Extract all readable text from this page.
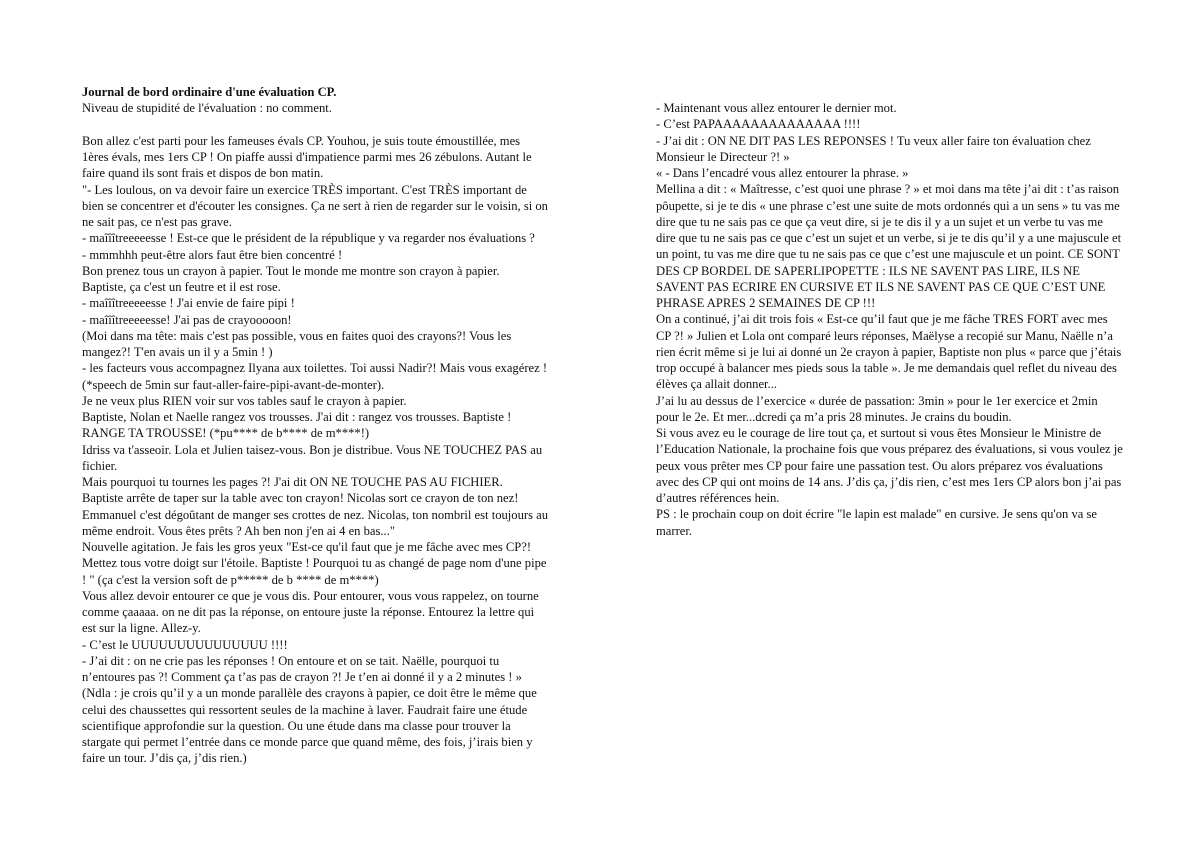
Journal de bord ordinaire d'une évaluation CP.

Niveau de stupidité de l'évaluation : no comment.

Bon allez c'est parti pour les fameuses évals CP. Youhou, je suis toute émoustillée, mes

1ères évals, mes 1ers CP ! On piaffe aussi d'impatience parmi mes 26 zébulons. Autant le

faire quand ils sont frais et dispos de bon matin.

"- Les loulous, on va devoir faire un exercice TRÈS important. C'est TRÈS important de

bien se concentrer et d'écouter les consignes. Ça ne sert à rien de regarder sur le voisin, si on

ne sait pas, ce n'est pas grave.

- maîîîtreeeeesse ! Est-ce que le président de la république y va regarder nos évaluations ?

- mmmhhh peut-être alors faut être bien concentré !

Bon prenez tous un crayon à papier. Tout le monde me montre son crayon à papier.

Baptiste, ça c'est un feutre et il est rose.

- maîîîtreeeeesse ! J'ai envie de faire pipi !

- maîîîtreeeeesse! J'ai pas de crayooooon!

(Moi dans ma tête: mais c'est pas possible, vous en faites quoi des crayons?! Vous les

mangez?! T'en avais un il y a 5min ! )

- les facteurs vous accompagnez Ilyana aux toilettes. Toi aussi Nadir?! Mais vous exagérez !

(*speech de 5min sur faut-aller-faire-pipi-avant-de-monter).

Je ne veux plus RIEN voir sur vos tables sauf le crayon à papier.

Baptiste, Nolan et Naelle rangez vos trousses. J'ai dit : rangez vos trousses. Baptiste !

RANGE TA TROUSSE! (*pu**** de b**** de m****!)

Idriss va t'asseoir. Lola et Julien taisez-vous. Bon je distribue. Vous NE TOUCHEZ PAS au

fichier.

Mais pourquoi tu tournes les pages ?! J'ai dit ON NE TOUCHE PAS AU FICHIER.

Baptiste arrête de taper sur la table avec ton crayon! Nicolas sort ce crayon de ton nez!

Emmanuel c'est dégoûtant de manger ses crottes de nez. Nicolas, ton nombril est toujours au

même endroit. Vous êtes prêts ? Ah ben non j'en ai 4 en bas..."

Nouvelle agitation. Je fais les gros yeux "Est-ce qu'il faut que je me fâche avec mes CP?!

Mettez tous votre doigt sur l'étoile. Baptiste ! Pourquoi tu as changé de page nom d'une pipe

! " (ça c'est la version soft de p***** de b **** de m****)

Vous allez devoir entourer ce que je vous dis. Pour entourer, vous vous rappelez, on tourne

comme çaaaaa. on ne dit pas la réponse, on entoure juste la réponse. Entourez la lettre qui

est sur la ligne. Allez-y.

- C’est le UUUUUUUUUUUUUUU !!!!

- J’ai dit : on ne crie pas les réponses ! On entoure et on se tait. Naëlle, pourquoi tu

n’entoures pas ?! Comment ça t’as pas de crayon ?! Je t’en ai donné il y a 2 minutes ! »

(Ndla : je crois qu’il y a un monde parallèle des crayons à papier, ce doit être le même que

celui des chaussettes qui ressortent seules de la machine à laver. Faudrait faire une étude

scientifique approfondie sur la question. Ou une étude dans ma classe pour trouver la

stargate qui permet l’entrée dans ce monde parce que quand même, des fois, j’irais bien y

faire un tour. J’dis ça, j’dis rien.)

- Maintenant vous allez entourer le dernier mot.

- C’est PAPAAAAAAAAAAAAAA !!!!

- J’ai dit : ON NE DIT PAS LES REPONSES ! Tu veux aller faire ton évaluation chez

Monsieur le Directeur ?! »

« - Dans l’encadré vous allez entourer la phrase. »

Mellina a dit : « Maîtresse, c’est quoi une phrase ? » et moi dans ma tête j’ai dit : t’as raison

pôupette, si je te dis « une phrase c’est une suite de mots ordonnés qui a un sens » tu vas me

dire que tu ne sais pas ce que ça veut dire, si je te dis il y a un sujet et un verbe tu vas me

dire que tu ne sais pas ce que c’est un sujet et un verbe, si je te dis qu’il y a une majuscule et

un point, tu vas me dire que tu ne sais pas ce que c’est une majuscule et un point. CE SONT

DES CP BORDEL DE SAPERLIPOPETTE : ILS NE SAVENT PAS LIRE, ILS NE

SAVENT PAS ECRIRE EN CURSIVE ET ILS NE SAVENT PAS CE QUE C’EST UNE

PHRASE APRES 2 SEMAINES DE CP !!!

On a continué, j’ai dit trois fois « Est-ce qu’il faut que je me fâche TRES FORT avec mes

CP ?! » Julien et Lola ont comparé leurs réponses, Maëlyse a recopié sur Manu, Naëlle n’a

rien écrit même si je lui ai donné un 2e crayon à papier, Baptiste non plus « parce que j’étais

trop occupé à balancer mes pieds sous la table ». Je me demandais quel reflet du niveau des

élèves ça allait donner...

J’ai lu au dessus de l’exercice « durée de passation: 3min » pour le 1er exercice et 2min

pour le 2e. Et mer...dcredi ça m’a pris 28 minutes. Je crains du boudin.

Si vous avez eu le courage de lire tout ça, et surtout si vous êtes Monsieur le Ministre de

l’Education Nationale, la prochaine fois que vous préparez des évaluations, si vous voulez je

peux vous prêter mes CP pour faire une passation test. Ou alors préparez vos évaluations

avec des CP qui ont moins de 14 ans. J’dis ça, j’dis rien, c’est mes 1ers CP alors bon j’ai pas

d’autres références hein.

PS : le prochain coup on doit écrire "le lapin est malade" en cursive. Je sens qu'on va se

marrer.
